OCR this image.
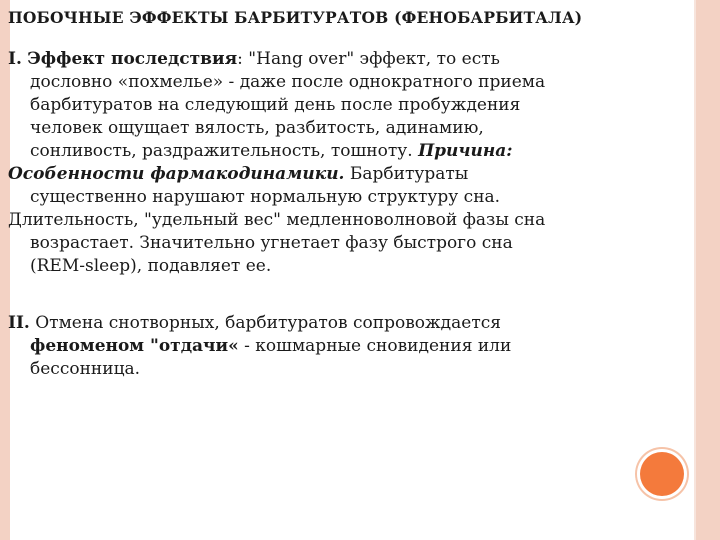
ПОБОЧНЫЕ ЭФФЕКТЫ БАРБИТУРАТОВ (ФЕНОБАРБИТАЛА)

I. Эффект последствия: "Hang over" эффект, то есть

дословно «похмелье» - даже после однократного приема

барбитуратов на следующий день после пробуждения

человек ощущает вялость, разбитость, адинамию,

сонливость, раздражительность, тошноту. Причина:

Особенности фармакодинамики. Барбитураты

существенно нарушают нормальную структуру сна.

Длительность, "удельный вес" медленноволновой фазы сна

возрастает. Значительно угнетает фазу быстрого сна

(REM-sleep), подавляет ее.

II. Отмена снотворных, барбитуратов сопровождается

феноменом "отдачи« - кошмарные сновидения или

бессонница.
